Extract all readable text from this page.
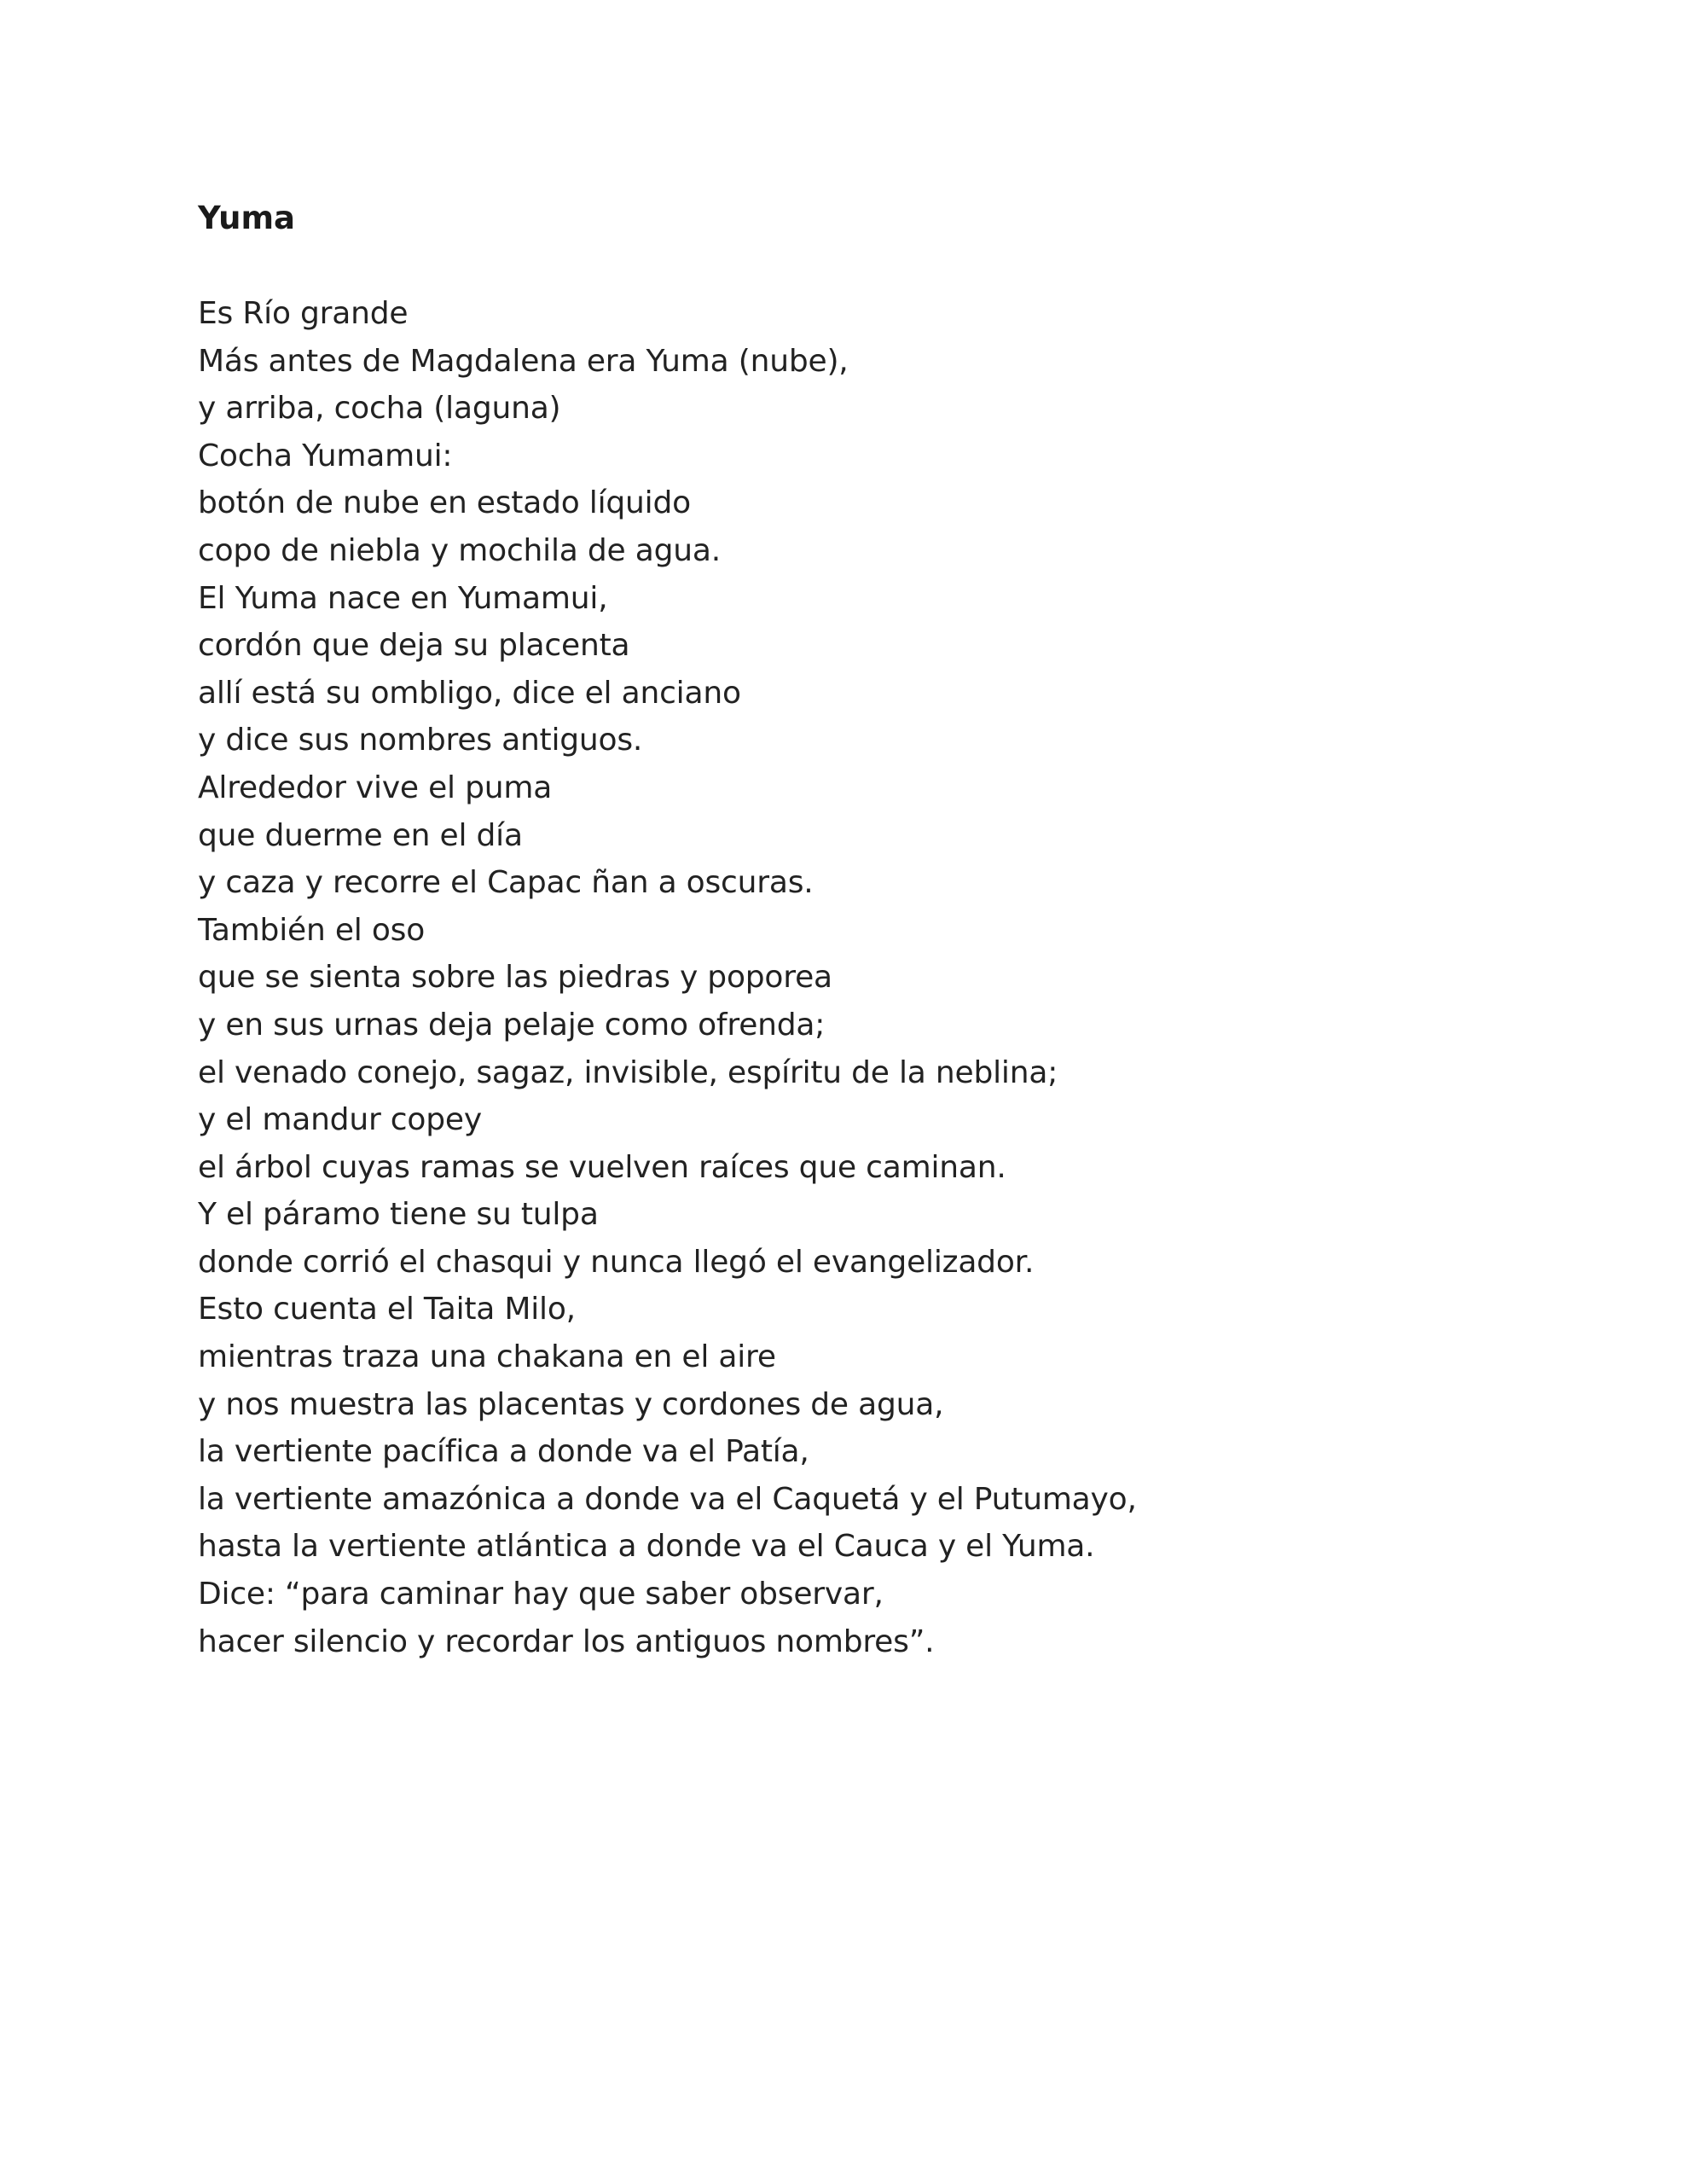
Yuma
Es Río grande
Más antes de Magdalena era Yuma (nube),
y arriba, cocha (laguna)
Cocha Yumamui:
botón de nube en estado líquido
copo de niebla y mochila de agua.
El Yuma nace en Yumamui,
cordón que deja su placenta
allí está su ombligo, dice el anciano
y dice sus nombres antiguos.
Alrededor vive el puma
que duerme en el día
y caza y recorre el Capac ñan a oscuras.
También el oso
que se sienta sobre las piedras y poporea
y en sus urnas deja pelaje como ofrenda;
el venado conejo, sagaz, invisible, espíritu de la neblina;
y el mandur copey
el árbol cuyas ramas se vuelven raíces que caminan.
Y el páramo tiene su tulpa
donde corrió el chasqui y nunca llegó el evangelizador.
Esto cuenta el Taita Milo,
mientras traza una chakana en el aire
y nos muestra las placentas y cordones de agua,
la vertiente pacífica a donde va el Patía,
la vertiente amazónica a donde va el Caquetá y el Putumayo,
hasta la vertiente atlántica a donde va el Cauca y el Yuma.
Dice: “para caminar hay que saber observar,
hacer silencio y recordar los antiguos nombres”.
